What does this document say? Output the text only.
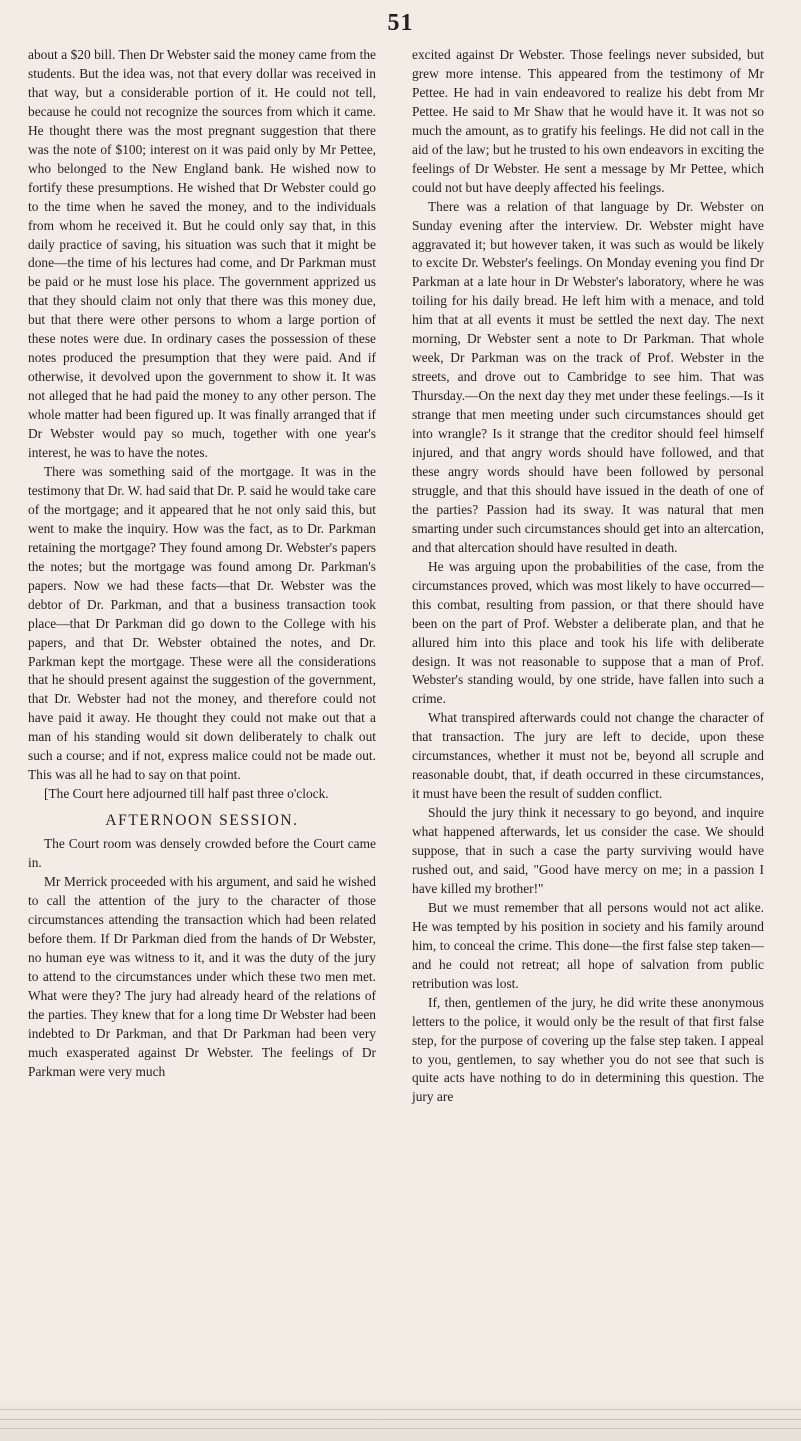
51

about a $20 bill. Then Dr Webster said the money came from the students. But the idea was, not that every dollar was received in that way, but a considerable portion of it. He could not tell, because he could not recognize the sources from which it came. He thought there was the most pregnant suggestion that there was the note of $100; interest on it was paid only by Mr Pettee, who belonged to the New England bank. He wished now to fortify these presumptions. He wished that Dr Webster could go to the time when he saved the money, and to the individuals from whom he received it. But he could only say that, in this daily practice of saving, his situation was such that it might be done—the time of his lectures had come, and Dr Parkman must be paid or he must lose his place. The government apprized us that they should claim not only that there was this money due, but that there were other persons to whom a large portion of these notes were due. In ordinary cases the possession of these notes produced the presumption that they were paid. And if otherwise, it devolved upon the government to show it. It was not alleged that he had paid the money to any other person. The whole matter had been figured up. It was finally arranged that if Dr Webster would pay so much, together with one year's interest, he was to have the notes.

There was something said of the mortgage. It was in the testimony that Dr. W. had said that Dr. P. said he would take care of the mortgage; and it appeared that he not only said this, but went to make the inquiry. How was the fact, as to Dr. Parkman retaining the mortgage? They found among Dr. Webster's papers the notes; but the mortgage was found among Dr. Parkman's papers. Now we had these facts—that Dr. Webster was the debtor of Dr. Parkman, and that a business transaction took place—that Dr Parkman did go down to the College with his papers, and that Dr. Webster obtained the notes, and Dr. Parkman kept the mortgage. These were all the considerations that he should present against the suggestion of the government, that Dr. Webster had not the money, and therefore could not have paid it away. He thought they could not make out that a man of his standing would sit down deliberately to chalk out such a course; and if not, express malice could not be made out. This was all he had to say on that point.

[The Court here adjourned till half past three o'clock.

AFTERNOON SESSION.

The Court room was densely crowded before the Court came in.

Mr Merrick proceeded with his argument, and said he wished to call the attention of the jury to the character of those circumstances attending the transaction which had been related before them. If Dr Parkman died from the hands of Dr Webster, no human eye was witness to it, and it was the duty of the jury to attend to the circumstances under which these two men met. What were they? The jury had already heard of the relations of the parties. They knew that for a long time Dr Webster had been indebted to Dr Parkman, and that Dr Parkman had been very much exasperated against Dr Webster. The feelings of Dr Parkman were very much

excited against Dr Webster. Those feelings never subsided, but grew more intense. This appeared from the testimony of Mr Pettee. He had in vain endeavored to realize his debt from Mr Pettee. He said to Mr Shaw that he would have it. It was not so much the amount, as to gratify his feelings. He did not call in the aid of the law; but he trusted to his own endeavors in exciting the feelings of Dr Webster. He sent a message by Mr Pettee, which could not but have deeply affected his feelings.

There was a relation of that language by Dr. Webster on Sunday evening after the interview. Dr. Webster might have aggravated it; but however taken, it was such as would be likely to excite Dr. Webster's feelings. On Monday evening you find Dr Parkman at a late hour in Dr Webster's laboratory, where he was toiling for his daily bread. He left him with a menace, and told him that at all events it must be settled the next day. The next morning, Dr Webster sent a note to Dr Parkman. That whole week, Dr Parkman was on the track of Prof. Webster in the streets, and drove out to Cambridge to see him. That was Thursday.—On the next day they met under these feelings.—Is it strange that men meeting under such circumstances should get into wrangle? Is it strange that the creditor should feel himself injured, and that angry words should have followed, and that these angry words should have been followed by personal struggle, and that this should have issued in the death of one of the parties? Passion had its sway. It was natural that men smarting under such circumstances should get into an altercation, and that altercation should have resulted in death.

He was arguing upon the probabilities of the case, from the circumstances proved, which was most likely to have occurred—this combat, resulting from passion, or that there should have been on the part of Prof. Webster a deliberate plan, and that he allured him into this place and took his life with deliberate design. It was not reasonable to suppose that a man of Prof. Webster's standing would, by one stride, have fallen into such a crime.

What transpired afterwards could not change the character of that transaction. The jury are left to decide, upon these circumstances, whether it must not be, beyond all scruple and reasonable doubt, that, if death occurred in these circumstances, it must have been the result of sudden conflict.

Should the jury think it necessary to go beyond, and inquire what happened afterwards, let us consider the case. We should suppose, that in such a case the party surviving would have rushed out, and said, "Good have mercy on me; in a passion I have killed my brother!"

But we must remember that all persons would not act alike. He was tempted by his position in society and his family around him, to conceal the crime. This done—the first false step taken—and he could not retreat; all hope of salvation from public retribution was lost.

If, then, gentlemen of the jury, he did write these anonymous letters to the police, it would only be the result of that first false step, for the purpose of covering up the false step taken. I appeal to you, gentlemen, to say whether you do not see that such is quite acts have nothing to do in determining this question. The jury are
